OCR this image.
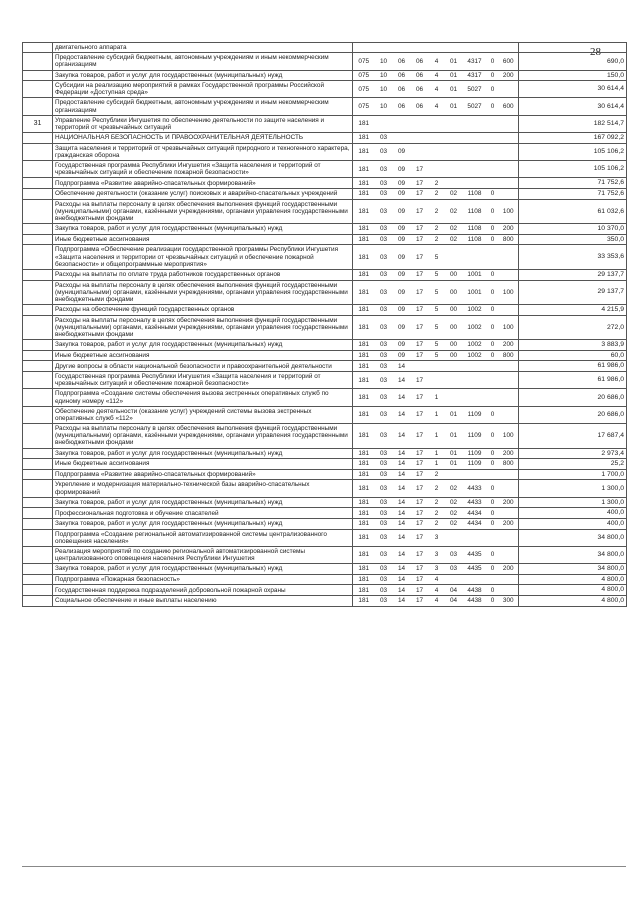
28
	двигательного аппарата										
	Предоставление субсидий бюджетным, автономным учреждениям и иным некоммерческим организациям	075	10	06	06	4	01	4317	0	600	690,0
	Закупка товаров, работ и услуг для государственных (муниципальных) нужд	075	10	06	06	4	01	4317	0	200	150,0
	Субсидии на реализацию мероприятий в рамках Государственной программы Российской Федерации «Доступная среда»	075	10	06	06	4	01	5027	0		30 614,4
	Предоставление субсидий бюджетным, автономным учреждениям и иным некоммерческим организациям	075	10	06	06	4	01	5027	0	600	30 614,4
31	Управление Республики Ингушетия по обеспечению деятельности по защите населения и территорий от чрезвычайных ситуаций	181									182 514,7
	НАЦИОНАЛЬНАЯ БЕЗОПАСНОСТЬ И ПРАВООХРАНИТЕЛЬНАЯ ДЕЯТЕЛЬНОСТЬ	181	03								167 092,2
	Защита населения и территорий от чрезвычайных ситуаций природного и техногенного характера, гражданская оборона	181	03	09							105 106,2
	Государственная программа Республики Ингушетия «Защита населения и территорий от чрезвычайных ситуаций и обеспечение пожарной безопасности»	181	03	09	17						105 106,2
	Подпрограмма «Развитие аварийно-спасательных формирований»	181	03	09	17	2					71 752,6
	Обеспечение деятельности (оказание услуг) поисковых и аварийно-спасательных учреждений	181	03	09	17	2	02	1108	0		71 752,6
	Расходы на выплаты персоналу в целях обеспечения выполнения функций государственными (муниципальными) органами, казёнными учреждениями, органами управления государственными внебюджетными фондами	181	03	09	17	2	02	1108	0	100	61 032,6
	Закупка товаров, работ и услуг для государственных (муниципальных) нужд	181	03	09	17	2	02	1108	0	200	10 370,0
	Иные бюджетные ассигнования	181	03	09	17	2	02	1108	0	800	350,0
	Подпрограмма «Обеспечение реализации государственной программы Республики Ингушетия «Защита населения и территории от чрезвычайных ситуаций и обеспечение пожарной безопасности» и общепрограммные мероприятия»	181	03	09	17	5					33 353,6
	Расходы на выплаты по оплате труда работников государственных органов	181	03	09	17	5	00	1001	0		29 137,7
	Расходы на выплаты персоналу в целях обеспечения выполнения функций государственными (муниципальными) органами, казёнными учреждениями, органами управления государственными внебюджетными фондами	181	03	09	17	5	00	1001	0	100	29 137,7
	Расходы на обеспечение функций государственных органов	181	03	09	17	5	00	1002	0		4 215,9
	Расходы на выплаты персоналу в целях обеспечения выполнения функций государственными (муниципальными) органами, казёнными учреждениями, органами управления государственными внебюджетными фондами	181	03	09	17	5	00	1002	0	100	272,0
	Закупка товаров, работ и услуг для государственных (муниципальных) нужд	181	03	09	17	5	00	1002	0	200	3 883,9
	Иные бюджетные ассигнования	181	03	09	17	5	00	1002	0	800	60,0
	Другие вопросы в области национальной безопасности и правоохранительной деятельности	181	03	14							61 986,0
	Государственная программа Республики Ингушетия «Защита населения и территорий от чрезвычайных ситуаций и обеспечение пожарной безопасности»	181	03	14	17						61 986,0
	Подпрограмма «Создание системы обеспечения вызова экстренных оперативных служб по единому номеру «112»	181	03	14	17	1					20 686,0
	Обеспечение деятельности (оказание услуг) учреждений системы вызова экстренных оперативных служб «112»	181	03	14	17	1	01	1109	0		20 686,0
	Расходы на выплаты персоналу в целях обеспечения выполнения функций государственными (муниципальными) органами, казёнными учреждениями, органами управления государственными внебюджетными фондами	181	03	14	17	1	01	1109	0	100	17 687,4
	Закупка товаров, работ и услуг для государственных (муниципальных) нужд	181	03	14	17	1	01	1109	0	200	2 973,4
	Иные бюджетные ассигнования	181	03	14	17	1	01	1109	0	800	25,2
	Подпрограмма «Развитие аварийно-спасательных формирований»	181	03	14	17	2					1 700,0
	Укрепление и модернизация материально-технической базы аварийно-спасательных формирований	181	03	14	17	2	02	4433	0		1 300,0
	Закупка товаров, работ и услуг для государственных (муниципальных) нужд	181	03	14	17	2	02	4433	0	200	1 300,0
	Профессиональная подготовка и обучение спасателей	181	03	14	17	2	02	4434	0		400,0
	Закупка товаров, работ и услуг для государственных (муниципальных) нужд	181	03	14	17	2	02	4434	0	200	400,0
	Подпрограмма «Создание региональной автоматизированной системы централизованного оповещения населения»	181	03	14	17	3					34 800,0
	Реализация мероприятий по созданию региональной автоматизированной системы централизованного оповещения населения Республики Ингушетия	181	03	14	17	3	03	4435	0		34 800,0
	Закупка товаров, работ и услуг для государственных (муниципальных) нужд	181	03	14	17	3	03	4435	0	200	34 800,0
	Подпрограмма «Пожарная безопасность»	181	03	14	17	4					4 800,0
	Государственная поддержка подразделений добровольной пожарной охраны	181	03	14	17	4	04	4438	0		4 800,0
	Социальное обеспечение и иные выплаты населению	181	03	14	17	4	04	4438	0	300	4 800,0
